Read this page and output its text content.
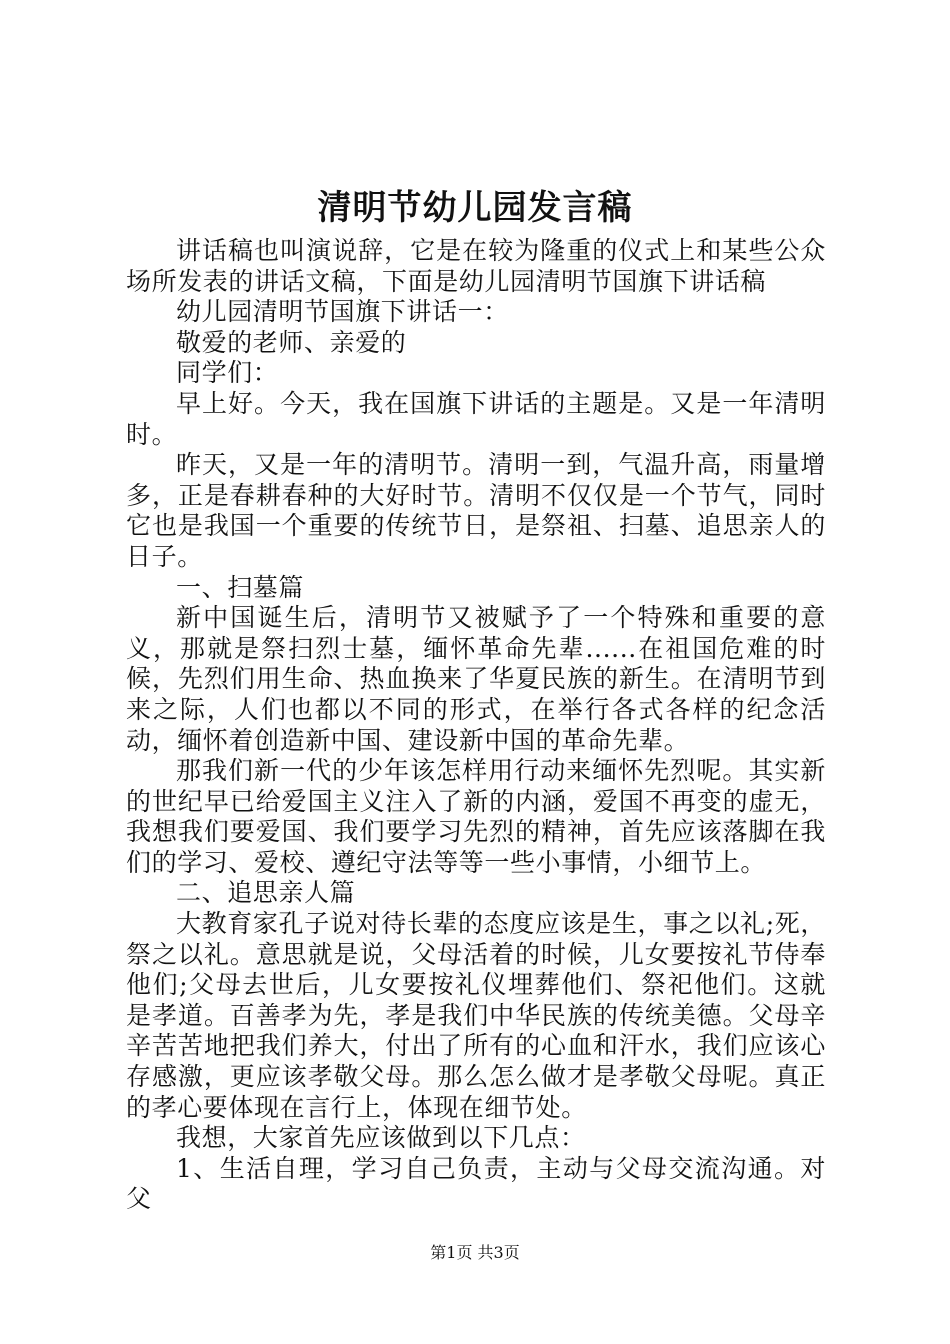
清明节幼儿园发言稿

讲话稿也叫演说辞，它是在较为隆重的仪式上和某些公众场所发表的讲话文稿，下面是幼儿园清明节国旗下讲话稿

幼儿园清明节国旗下讲话一：

敬爱的老师、亲爱的

同学们：

早上好。今天，我在国旗下讲话的主题是。又是一年清明时。

昨天，又是一年的清明节。清明一到，气温升高，雨量增多，正是春耕春种的大好时节。清明不仅仅是一个节气，同时它也是我国一个重要的传统节日，是祭祖、扫墓、追思亲人的日子。

一、扫墓篇

新中国诞生后，清明节又被赋予了一个特殊和重要的意义，那就是祭扫烈士墓，缅怀革命先辈......在祖国危难的时候，先烈们用生命、热血换来了华夏民族的新生。在清明节到来之际，人们也都以不同的形式，在举行各式各样的纪念活动，缅怀着创造新中国、建设新中国的革命先辈。

那我们新一代的少年该怎样用行动来缅怀先烈呢。其实新的世纪早已给爱国主义注入了新的内涵，爱国不再变的虚无，我想我们要爱国、我们要学习先烈的精神，首先应该落脚在我们的学习、爱校、遵纪守法等等一些小事情，小细节上。

二、追思亲人篇

大教育家孔子说对待长辈的态度应该是生，事之以礼;死，祭之以礼。意思就是说，父母活着的时候，儿女要按礼节侍奉他们;父母去世后，儿女要按礼仪埋葬他们、祭祀他们。这就是孝道。百善孝为先，孝是我们中华民族的传统美德。父母辛辛苦苦地把我们养大，付出了所有的心血和汗水，我们应该心存感激，更应该孝敬父母。那么怎么做才是孝敬父母呢。真正的孝心要体现在言行上，体现在细节处。

我想，大家首先应该做到以下几点：

1、生活自理，学习自己负责，主动与父母交流沟通。对父

第1页 共3页
